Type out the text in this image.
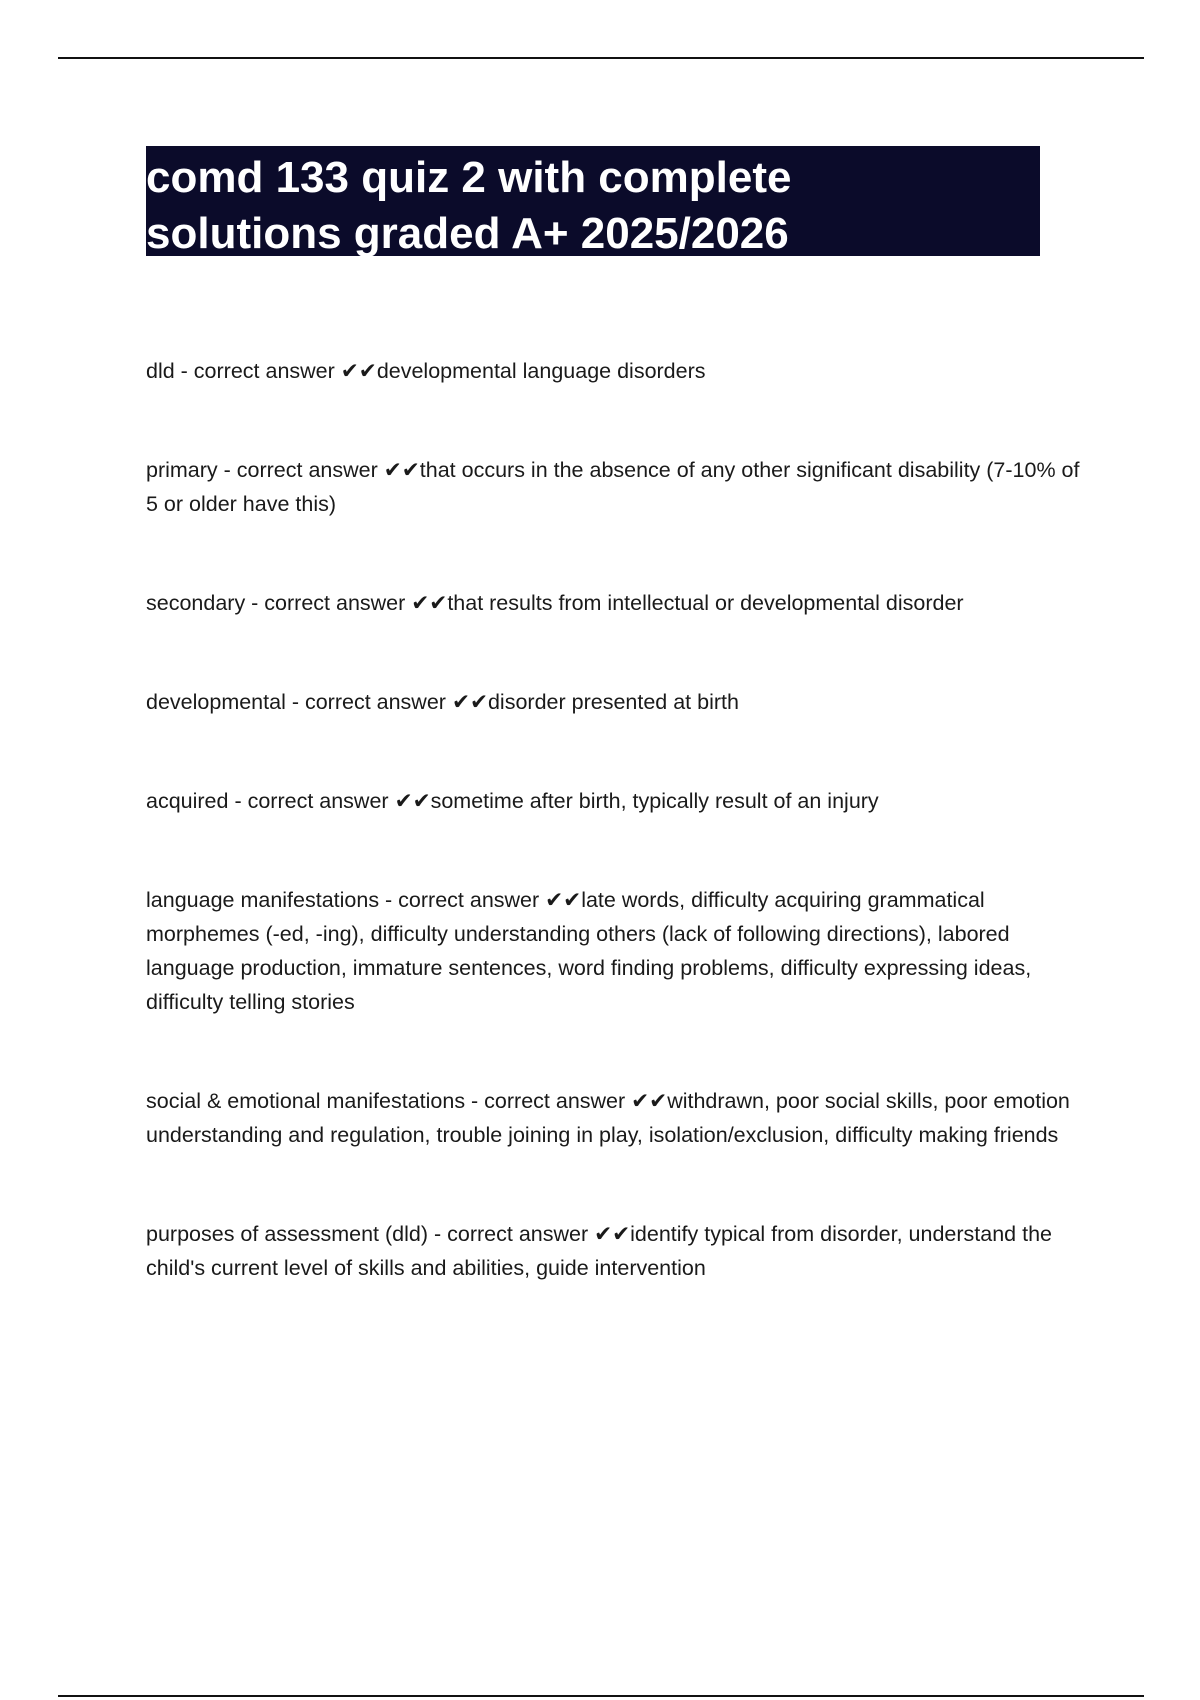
comd 133 quiz 2 with complete
solutions graded A+ 2025/2026
dld - correct answer ✔✔developmental language disorders
primary - correct answer ✔✔that occurs in the absence of any other significant disability (7-10% of 5 or older have this)
secondary - correct answer ✔✔that results from intellectual or developmental disorder
developmental - correct answer ✔✔disorder presented at birth
acquired - correct answer ✔✔sometime after birth, typically result of an injury
language manifestations - correct answer ✔✔late words, difficulty acquiring grammatical morphemes (-ed, -ing), difficulty understanding others (lack of following directions), labored language production, immature sentences, word finding problems, difficulty expressing ideas, difficulty telling stories
social & emotional manifestations - correct answer ✔✔withdrawn, poor social skills, poor emotion understanding and regulation, trouble joining in play, isolation/exclusion, difficulty making friends
purposes of assessment (dld) - correct answer ✔✔identify typical from disorder, understand the child's current level of skills and abilities, guide intervention
